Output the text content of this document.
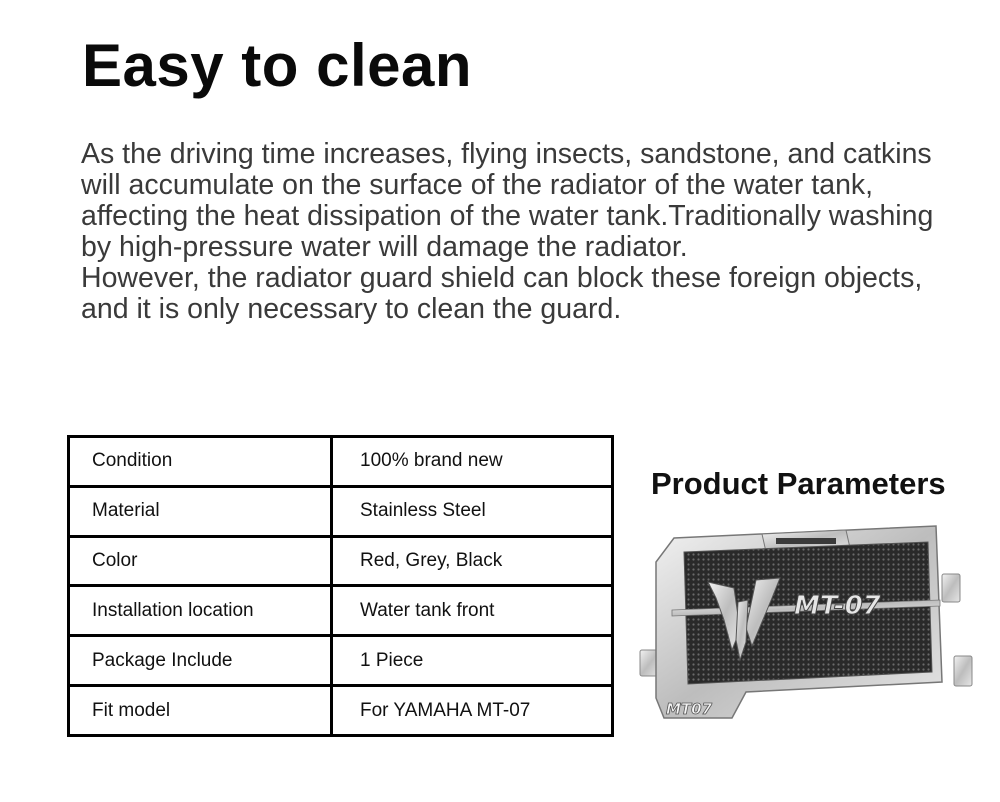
Easy to clean

As the driving time increases, flying insects, sandstone, and catkins will accumulate on the surface of the radiator of the water tank, affecting the heat dissipation of the water tank.Traditionally washing by high-pressure water will damage the radiator.

However, the radiator guard shield can block these foreign objects, and it is only necessary to clean the guard.

Condition	100% brand new
Material	Stainless Steel
Color	Red, Grey, Black
Installation location	Water tank front
Package Include	1 Piece
Fit model	For YAMAHA MT-07
Product Parameters
MT-07
MT07
